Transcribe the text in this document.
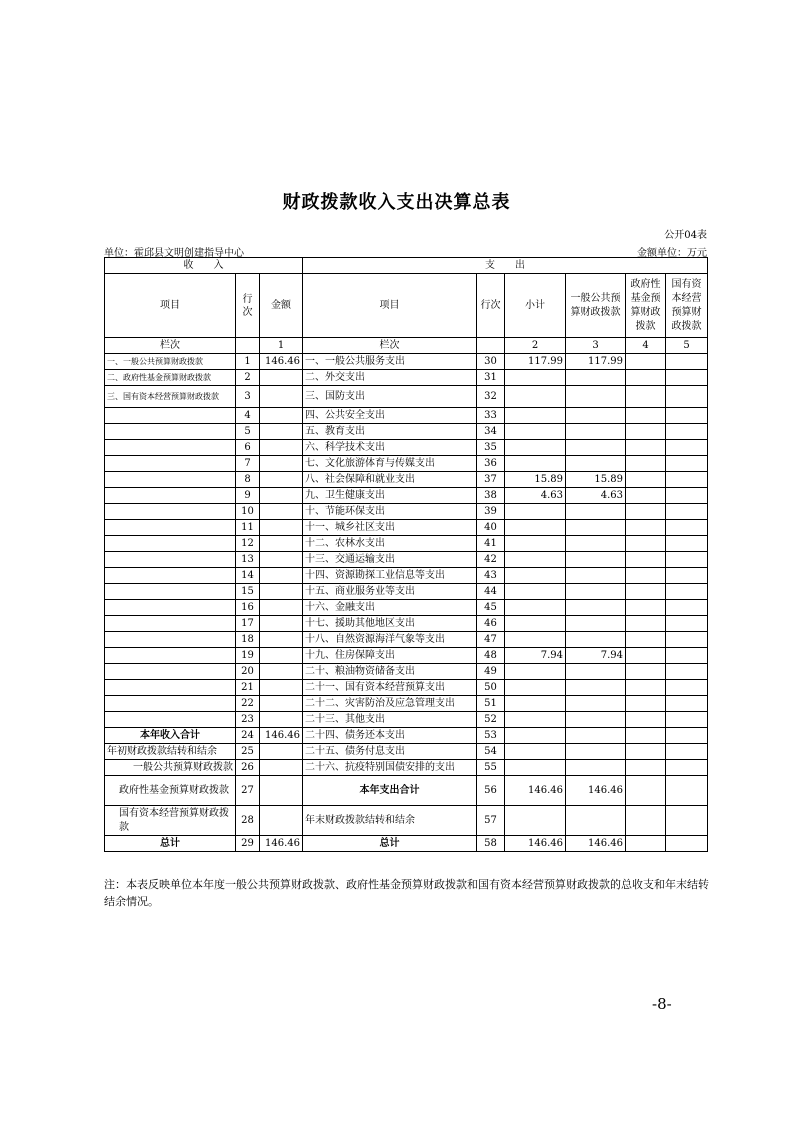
财政拨款收入支出决算总表
公开04表
单位：霍邱县文明创建指导中心	金额单位：万元
收　　入			支　　出					
项目	行次	金额	项目	行次	小计	一般公共预算财政拨款	政府性基金预算财政拨款	国有资本经营预算财政拨款
栏次		1	栏次		2	3	4	5
一、一般公共预算财政拨款	1	146.46	一、一般公共服务支出	30	117.99	117.99		
二、政府性基金预算财政拨款	2		二、外交支出	31				
三、国有资本经营预算财政拨款	3		三、国防支出	32				
	4		四、公共安全支出	33				
	5		五、教育支出	34				
	6		六、科学技术支出	35				
	7		七、文化旅游体育与传媒支出	36				
	8		八、社会保障和就业支出	37	15.89	15.89		
	9		九、卫生健康支出	38	4.63	4.63		
	10		十、节能环保支出	39				
	11		十一、城乡社区支出	40				
	12		十二、农林水支出	41				
	13		十三、交通运输支出	42				
	14		十四、资源勘探工业信息等支出	43				
	15		十五、商业服务业等支出	44				
	16		十六、金融支出	45				
	17		十七、援助其他地区支出	46				
	18		十八、自然资源海洋气象等支出	47				
	19		十九、住房保障支出	48	7.94	7.94		
	20		二十、粮油物资储备支出	49				
	21		二十一、国有资本经营预算支出	50				
	22		二十二、灾害防治及应急管理支出	51				
	23		二十三、其他支出	52				
本年收入合计	24	146.46	二十四、债务还本支出	53				
年初财政拨款结转和结余	25		二十五、债务付息支出	54				
一般公共预算财政拨款	26		二十六、抗疫特别国债安排的支出	55				
政府性基金预算财政拨款	27		本年支出合计	56	146.46	146.46		
国有资本经营预算财政拨款	28		年末财政拨款结转和结余	57				
总计	29	146.46	总计	58	146.46	146.46		
注：本表反映单位本年度一般公共预算财政拨款、政府性基金预算财政拨款和国有资本经营预算财政拨款的总收支和年末结转结余情况。
-8-
